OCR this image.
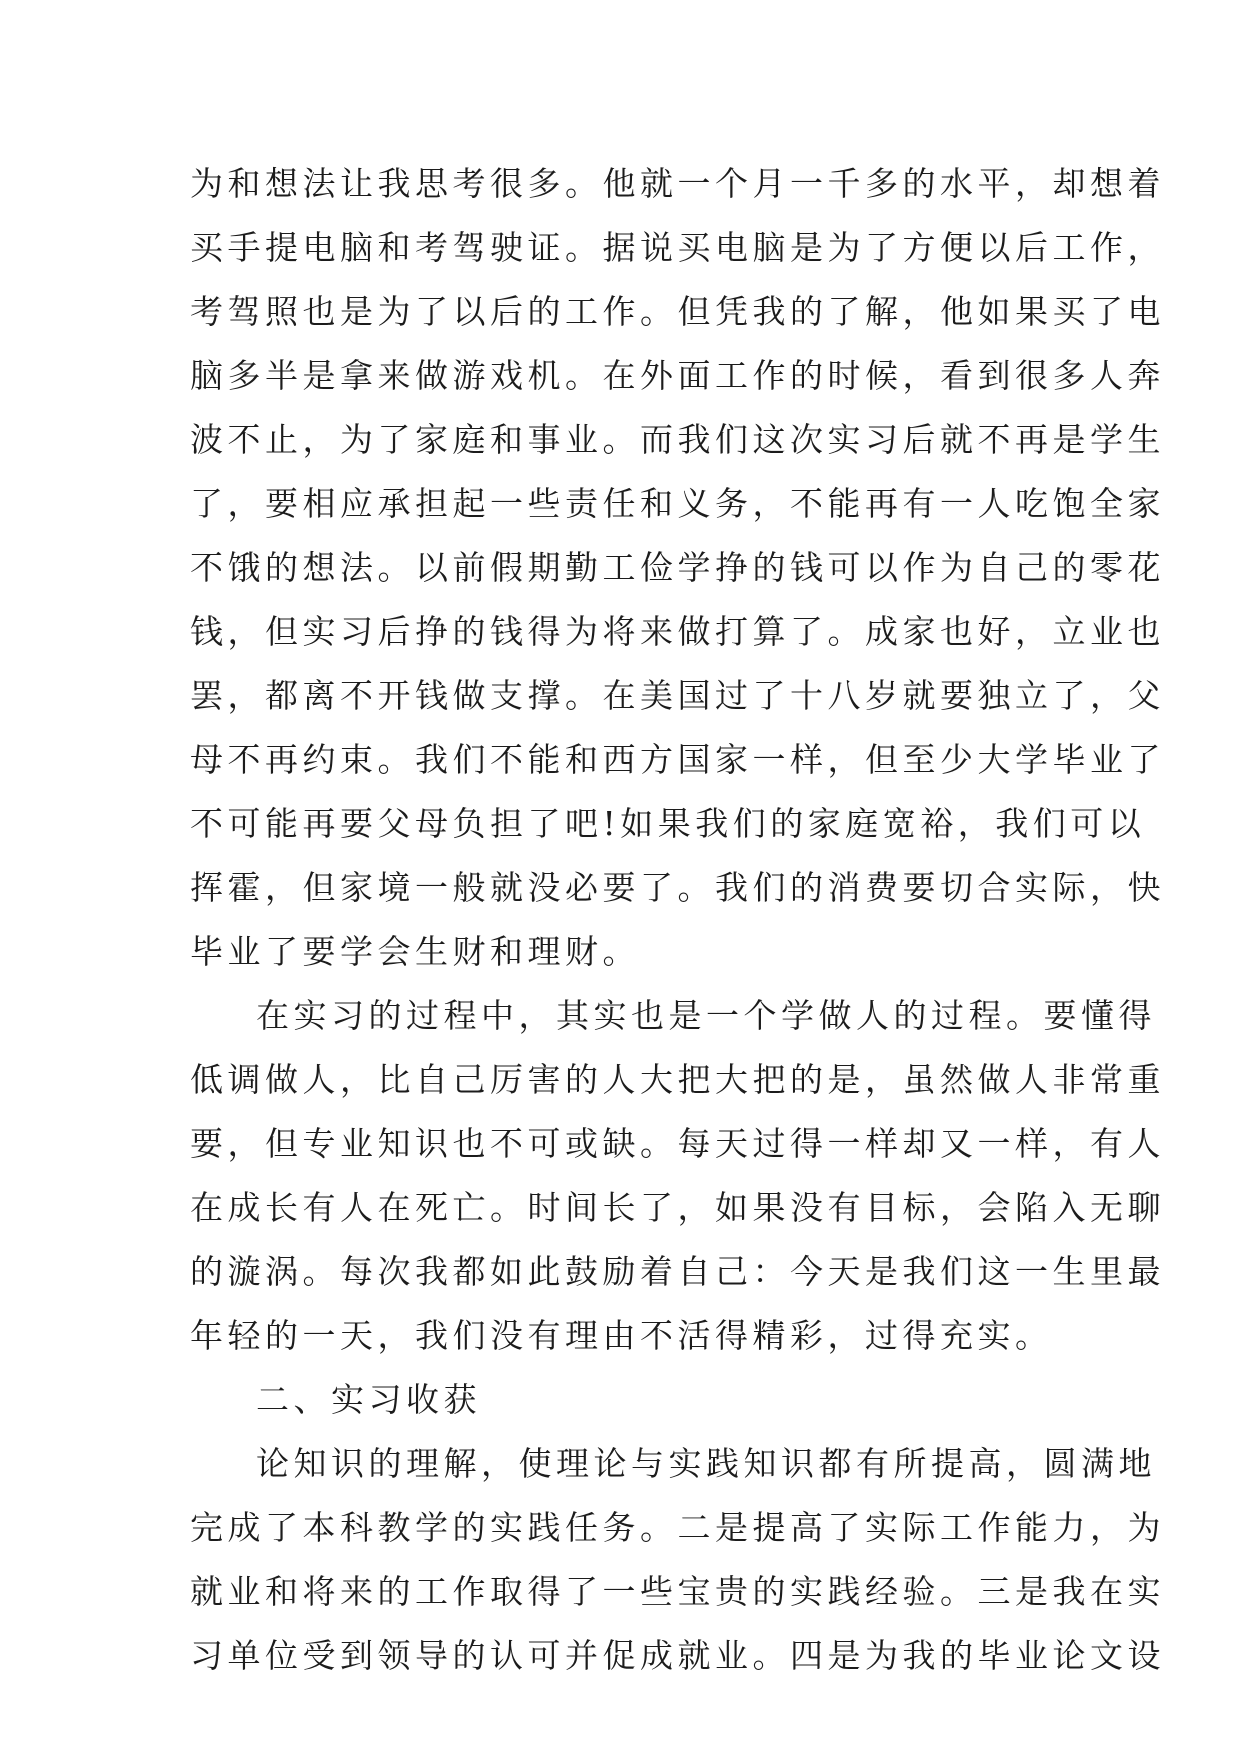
为和想法让我思考很多。他就一个月一千多的水平，却想着
买手提电脑和考驾驶证。据说买电脑是为了方便以后工作，
考驾照也是为了以后的工作。但凭我的了解，他如果买了电
脑多半是拿来做游戏机。在外面工作的时候，看到很多人奔
波不止，为了家庭和事业。而我们这次实习后就不再是学生
了，要相应承担起一些责任和义务，不能再有一人吃饱全家
不饿的想法。以前假期勤工俭学挣的钱可以作为自己的零花
钱，但实习后挣的钱得为将来做打算了。成家也好，立业也
罢，都离不开钱做支撑。在美国过了十八岁就要独立了，父
母不再约束。我们不能和西方国家一样，但至少大学毕业了
不可能再要父母负担了吧!如果我们的家庭宽裕，我们可以
挥霍，但家境一般就没必要了。我们的消费要切合实际，快
毕业了要学会生财和理财。
在实习的过程中，其实也是一个学做人的过程。要懂得
低调做人，比自己厉害的人大把大把的是，虽然做人非常重
要，但专业知识也不可或缺。每天过得一样却又一样，有人
在成长有人在死亡。时间长了，如果没有目标，会陷入无聊
的漩涡。每次我都如此鼓励着自己：今天是我们这一生里最
年轻的一天，我们没有理由不活得精彩，过得充实。
二、实习收获
论知识的理解，使理论与实践知识都有所提高，圆满地
完成了本科教学的实践任务。二是提高了实际工作能力，为
就业和将来的工作取得了一些宝贵的实践经验。三是我在实
习单位受到领导的认可并促成就业。四是为我的毕业论文设
